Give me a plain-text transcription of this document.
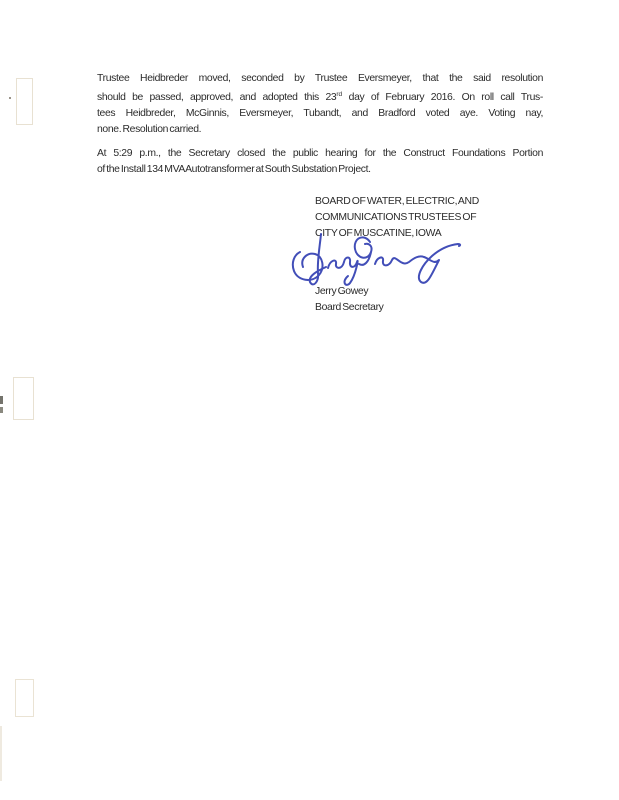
Trustee Heidbreder moved, seconded by Trustee Eversmeyer, that the said resolution
should be passed, approved, and adopted this 23rd day of February 2016. On roll call Trus-
tees Heidbreder, McGinnis, Eversmeyer, Tubandt, and Bradford voted aye. Voting nay,
none. Resolution carried.
At 5:29 p.m., the Secretary closed the public hearing for the Construct Foundations Portion
of the Install 134 MVA Autotransformer at South Substation Project.
BOARD OF WATER, ELECTRIC, AND
COMMUNICATIONS TRUSTEES OF
CITY OF MUSCATINE, IOWA
Jerry Gowey
Board Secretary
